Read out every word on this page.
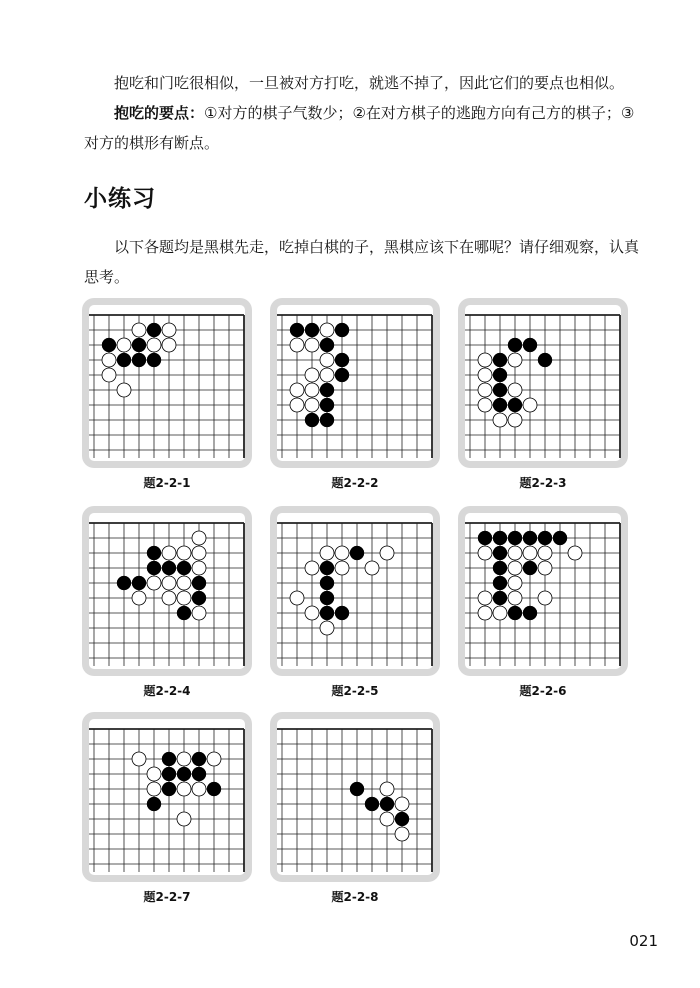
抱吃和门吃很相似，一旦被对方打吃，就逃不掉了，因此它们的要点也相似。

抱吃的要点：①对方的棋子气数少；②在对方棋子的逃跑方向有己方的棋子；③对方的棋形有断点。

小练习

以下各题均是黑棋先走，吃掉白棋的子，黑棋应该下在哪呢？请仔细观察，认真思考。

题2-2-1	题2-2-2	题2-2-3
题2-2-4	题2-2-5	题2-2-6
题2-2-7	题2-2-8
021
